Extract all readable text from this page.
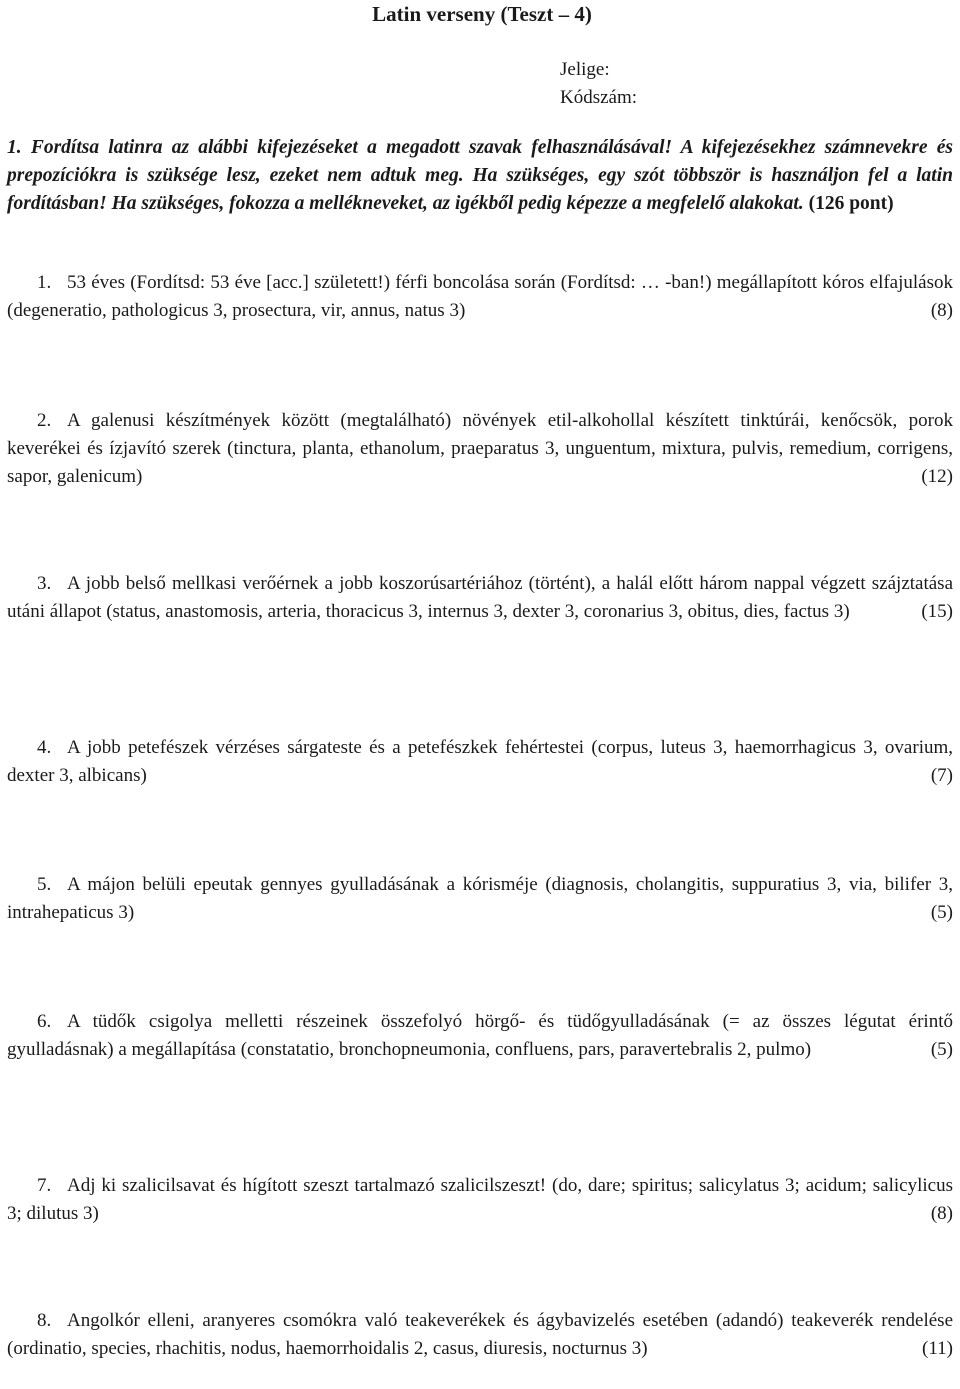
Latin verseny (Teszt – 4)
Jelige:
Kódszám:
1. Fordítsa latinra az alábbi kifejezéseket a megadott szavak felhasználásával! A kifejezésekhez számnevekre és prepozíciókra is szüksége lesz, ezeket nem adtuk meg. Ha szükséges, egy szót többször is használjon fel a latin fordításban! Ha szükséges, fokozza a mellékneveket, az igékből pedig képezze a megfelelő alakokat. (126 pont)
1. 53 éves (Fordítsd: 53 éve [acc.] született!) férfi boncolása során (Fordítsd: … -ban!) megállapított kóros elfajulások (degeneratio, pathologicus 3, prosectura, vir, annus, natus 3)	(8)
2. A galenusi készítmények között (megtalálható) növények etil-alkohollal készített tinktúrái, kenőcsök, porok keverékei és ízjavító szerek (tinctura, planta, ethanolum, praeparatus 3, unguentum, mixtura, pulvis, remedium, corrigens, sapor, galenicum)	(12)
3. A jobb belső mellkasi verőérnek a jobb koszorúsartériához (történt), a halál előtt három nappal végzett szájztatása utáni állapot (status, anastomosis, arteria, thoracicus 3, internus 3, dexter 3, coronarius 3, obitus, dies, factus 3)	(15)
4. A jobb petefészek vérzéses sárgateste és a petefészkek fehértestei (corpus, luteus 3, haemorrhagicus 3, ovarium, dexter 3, albicans)	(7)
5. A májon belüli epeutak gennyes gyulladásának a kórisméje (diagnosis, cholangitis, suppuratius 3, via, bilifer 3, intrahepaticus 3)	(5)
6. A tüdők csigolya melletti részeinek összefolyó hörgő- és tüdőgyulladásának (= az összes légutat érintő gyulladásnak) a megállapítása (constatatio, bronchopneumonia, confluens, pars, paravertebralis 2, pulmo)	(5)
7. Adj ki szalicilsavat és hígított szeszt tartalmazó szalicilszeszt! (do, dare; spiritus; salicylatus 3; acidum; salicylicus 3; dilutus 3)	(8)
8. Angolkór elleni, aranyeres csomókra való teakeverékek és ágybavizelés esetében (adandó) teakeverék rendelése (ordinatio, species, rhachitis, nodus, haemorrhoidalis 2, casus, diuresis, nocturnus 3)	(11)
